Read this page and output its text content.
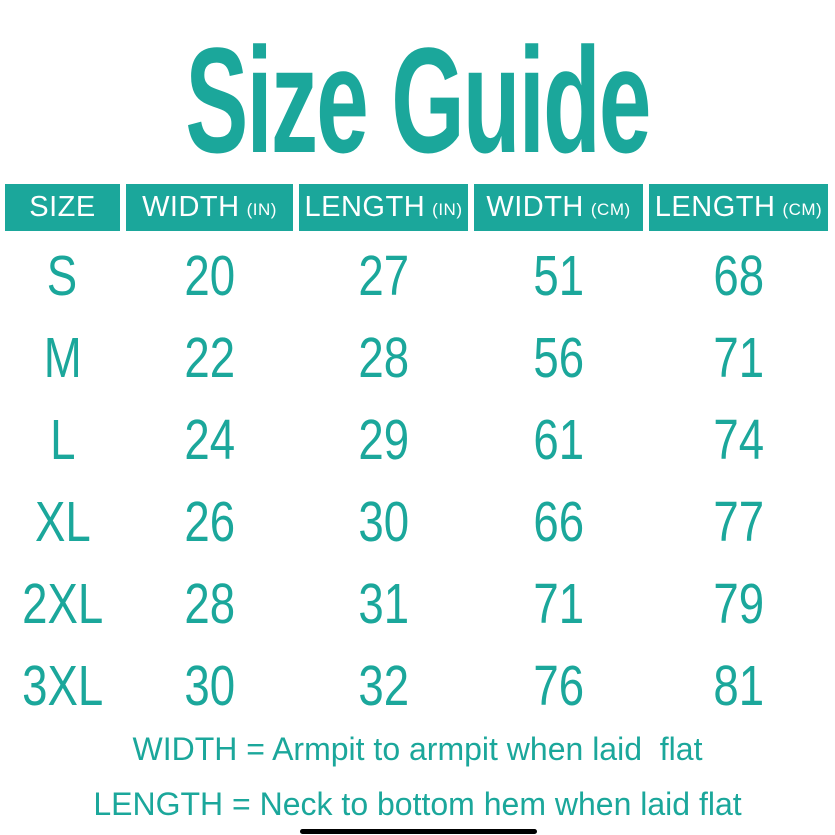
Size Guide
SIZE WIDTH (IN) LENGTH (IN) WIDTH (CM) LENGTH (CM)
S 20 27 51 68
M 22 28 56 71
L 24 29 61 74
XL 26 30 66 77
2XL 28 31 71 79
3XL 30 32 76 81
WIDTH = Armpit to armpit when laid  flat
LENGTH = Neck to bottom hem when laid flat
